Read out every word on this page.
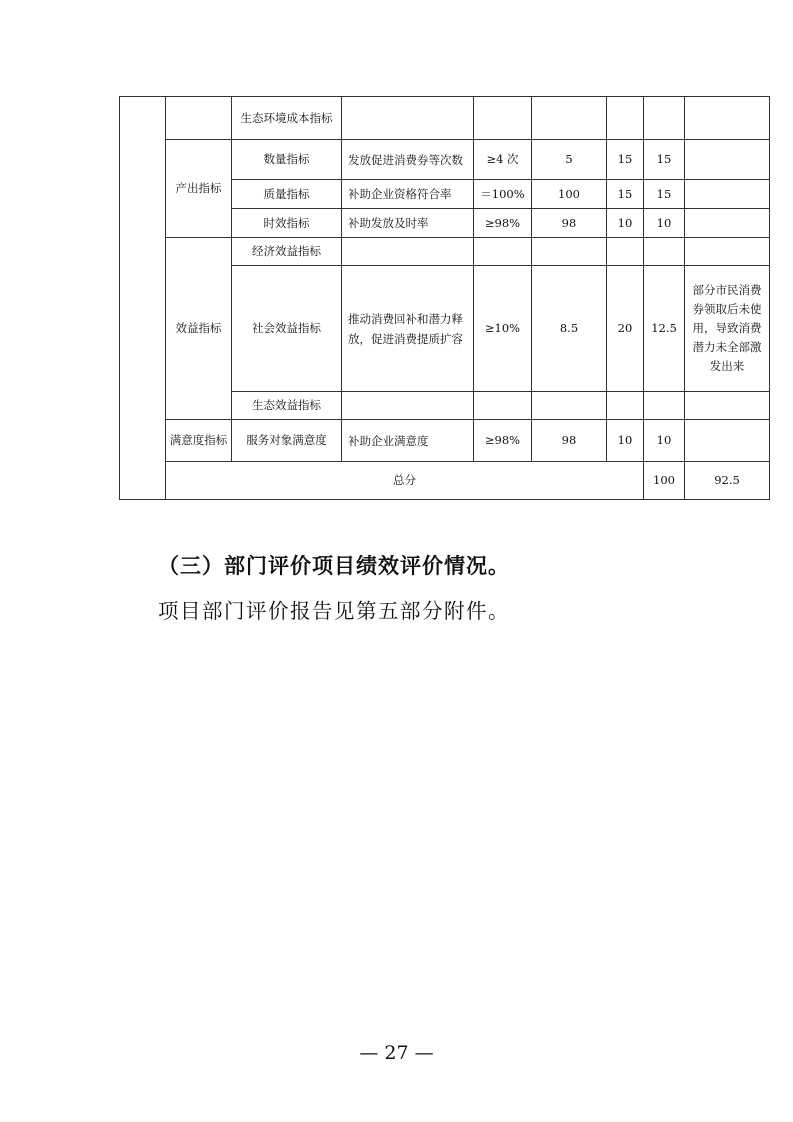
		生态环境成本指标							
	产出指标	数量指标	发放促进消费券等次数	≥4 次	5	15	15		
		质量指标	补助企业资格符合率	＝100%	100	15	15		
		时效指标	补助发放及时率	≥98%	98	10	10		
	效益指标	经济效益指标							
		社会效益指标	推动消费回补和潜力释放，促进消费提质扩容	≥10%	8.5	20	12.5	部分市民消费券领取后未使用，导致消费潜力未全部激发出来	
		生态效益指标							
	满意度指标	服务对象满意度	补助企业满意度	≥98%	98	10	10		
	总分						100	92.5	
（三）部门评价项目绩效评价情况。
项目部门评价报告见第五部分附件。
— 27 —
